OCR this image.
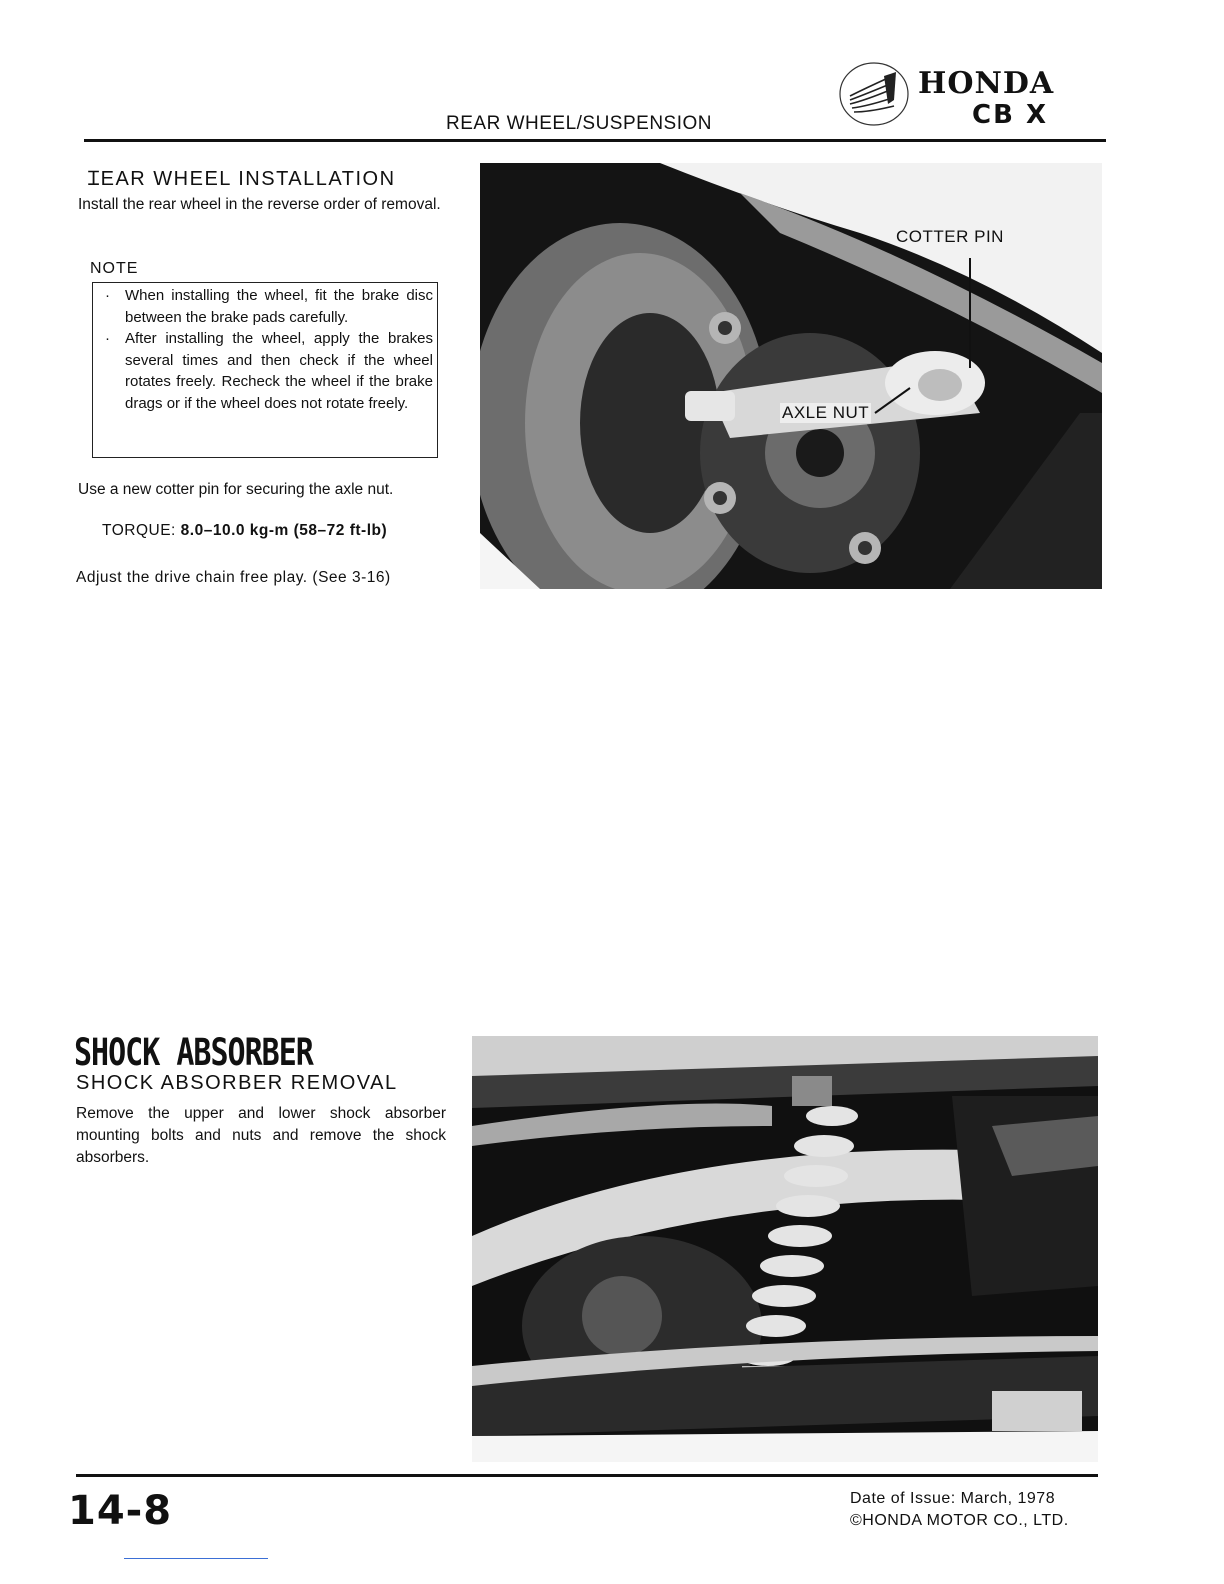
REAR WHEEL/SUSPENSION
HONDA
CB X
ꞮEAR WHEEL INSTALLATION
Install the rear wheel in the reverse order of removal.
NOTE
· When installing the wheel, fit the brake disc between the brake pads carefully.
· After installing the wheel, apply the brakes several times and then check if the wheel rotates freely. Recheck the wheel if the brake drags or if the wheel does not rotate freely.
Use a new cotter pin for securing the axle nut.
TORQUE: 8.0–10.0 kg-m (58–72 ft-lb)
Adjust the drive chain free play. (See 3-16)
COTTER PIN
AXLE NUT
SHOCK ABSORBER
SHOCK ABSORBER REMOVAL
Remove the upper and lower shock absorber mounting bolts and nuts and remove the shock absorbers.
14-8	Date of Issue: March, 1978
©HONDA MOTOR CO., LTD.
